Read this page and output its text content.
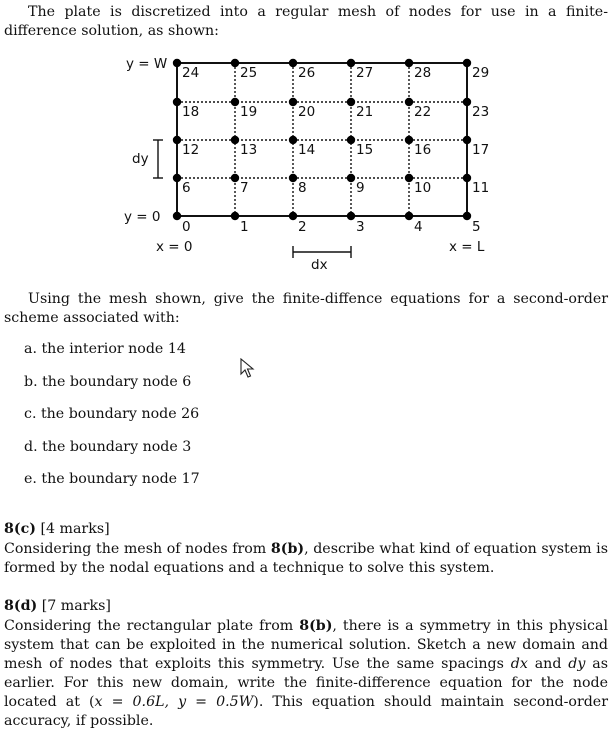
The plate is discretized into a regular mesh of nodes for use in a finite-difference solution, as shown:
0	1	2	3	4	5
6	7	8	9	10	11
12	13	14	15	16	17
18	19	20	21	22	23
24	25	26	27	28	29
y = W
y = 0
x = 0	x = L
dy
dx
Using the mesh shown, give the finite-diffence equations for a second-order scheme associated with:
a. the interior node 14
b. the boundary node 6
c. the boundary node 26
d. the boundary node 3
e. the boundary node 17
8(c) [4 marks]
Considering the mesh of nodes from 8(b), describe what kind of equation system is formed by the nodal equations and a technique to solve this system.
8(d) [7 marks]
Considering the rectangular plate from 8(b), there is a symmetry in this physical system that can be exploited in the numerical solution. Sketch a new domain and mesh of nodes that exploits this symmetry. Use the same spacings dx and dy as earlier. For this new domain, write the finite-difference equation for the node located at (x = 0.6L, y = 0.5W). This equation should maintain second-order accuracy, if possible.
